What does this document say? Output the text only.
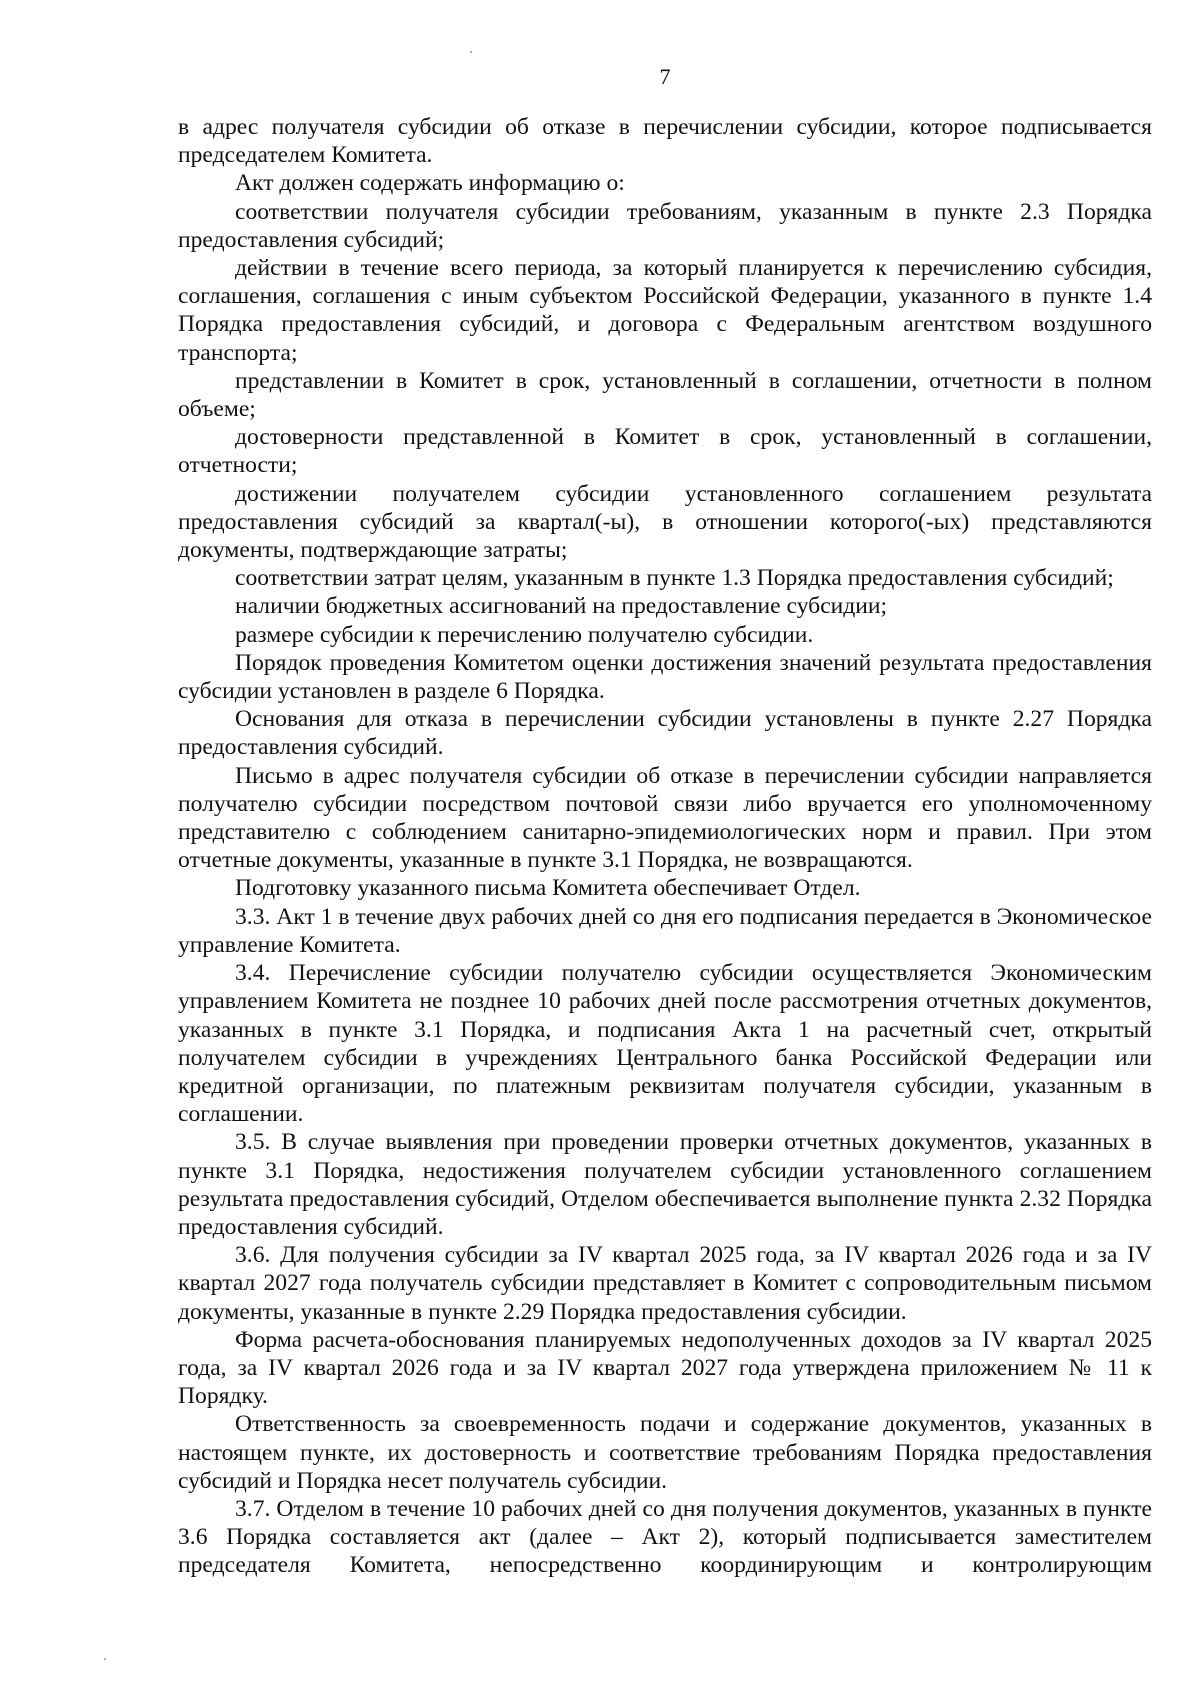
7

в адрес получателя субсидии об отказе в перечислении субсидии, которое подписывается председателем Комитета.

Акт должен содержать информацию о:

соответствии получателя субсидии требованиям, указанным в пункте 2.3 Порядка предоставления субсидий;

действии в течение всего периода, за который планируется к перечислению субсидия, соглашения, соглашения с иным субъектом Российской Федерации, указанного в пункте 1.4 Порядка предоставления субсидий, и договора с Федеральным агентством воздушного транспорта;

представлении в Комитет в срок, установленный в соглашении, отчетности в полном объеме;

достоверности представленной в Комитет в срок, установленный в соглашении, отчетности;

достижении получателем субсидии установленного соглашением результата предоставления субсидий за квартал(-ы), в отношении которого(-ых) представляются документы, подтверждающие затраты;

соответствии затрат целям, указанным в пункте 1.3 Порядка предоставления субсидий;

наличии бюджетных ассигнований на предоставление субсидии;

размере субсидии к перечислению получателю субсидии.

Порядок проведения Комитетом оценки достижения значений результата предоставления субсидии установлен в разделе 6 Порядка.

Основания для отказа в перечислении субсидии установлены в пункте 2.27 Порядка предоставления субсидий.

Письмо в адрес получателя субсидии об отказе в перечислении субсидии направляется получателю субсидии посредством почтовой связи либо вручается его уполномоченному представителю с соблюдением санитарно-эпидемиологических норм и правил. При этом отчетные документы, указанные в пункте 3.1 Порядка, не возвращаются.

Подготовку указанного письма Комитета обеспечивает Отдел.

3.3. Акт 1 в течение двух рабочих дней со дня его подписания передается в Экономическое управление Комитета.

3.4. Перечисление субсидии получателю субсидии осуществляется Экономическим управлением Комитета не позднее 10 рабочих дней после рассмотрения отчетных документов, указанных в пункте 3.1 Порядка, и подписания Акта 1 на расчетный счет, открытый получателем субсидии в учреждениях Центрального банка Российской Федерации или кредитной организации, по платежным реквизитам получателя субсидии, указанным в соглашении.

3.5. В случае выявления при проведении проверки отчетных документов, указанных в пункте 3.1 Порядка, недостижения получателем субсидии установленного соглашением результата предоставления субсидий, Отделом обеспечивается выполнение пункта 2.32 Порядка предоставления субсидий.

3.6. Для получения субсидии за IV квартал 2025 года, за IV квартал 2026 года и за IV квартал 2027 года получатель субсидии представляет в Комитет с сопроводительным письмом документы, указанные в пункте 2.29 Порядка предоставления субсидии.

Форма расчета-обоснования планируемых недополученных доходов за IV квартал 2025 года, за IV квартал 2026 года и за IV квартал 2027 года утверждена приложением № 11 к Порядку.

Ответственность за своевременность подачи и содержание документов, указанных в настоящем пункте, их достоверность и соответствие требованиям Порядка предоставления субсидий и Порядка несет получатель субсидии.

3.7. Отделом в течение 10 рабочих дней со дня получения документов, указанных в пункте 3.6 Порядка составляется акт (далее – Акт 2), который подписывается заместителем председателя Комитета, непосредственно координирующим и контролирующим
